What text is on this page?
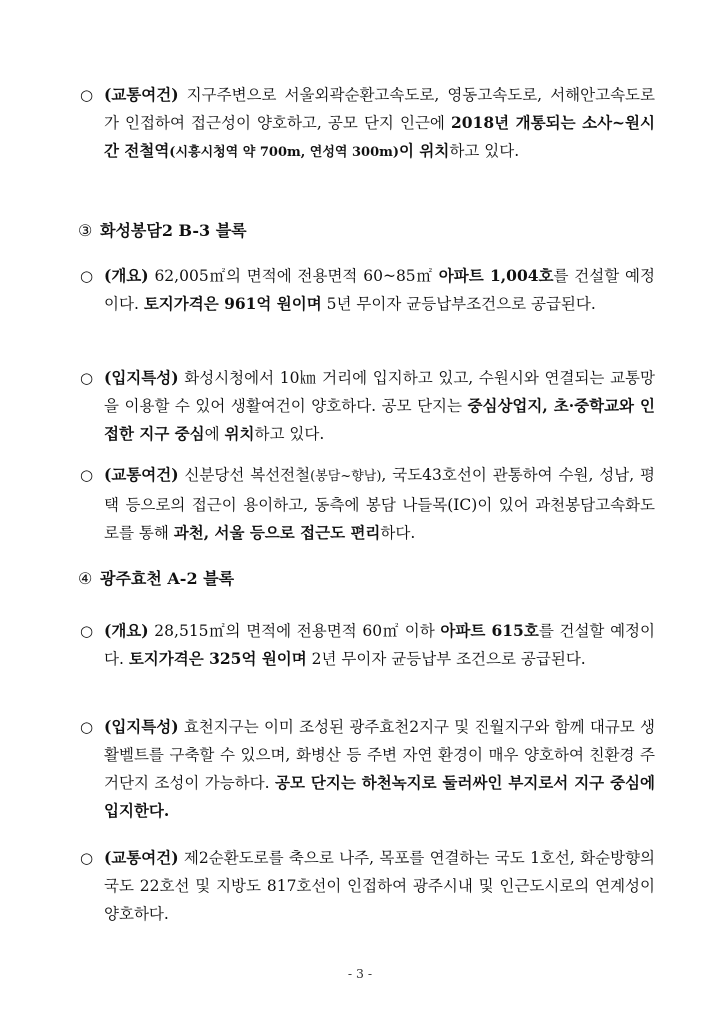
○ (교통여건) 지구주변으로 서울외곽순환고속도로, 영동고속도로, 서해안고속도로가 인접하여 접근성이 양호하고, 공모 단지 인근에 2018년 개통되는 소사~원시 간 전철역(시흥시청역 약 700m, 연성역 300m)이 위치하고 있다.
③ 화성봉담2 B-3 블록
○ (개요) 62,005㎡의 면적에 전용면적 60~85㎡ 아파트 1,004호를 건설할 예정이다. 토지가격은 961억 원이며 5년 무이자 균등납부조건으로 공급된다.
○ (입지특성) 화성시청에서 10㎞ 거리에 입지하고 있고, 수원시와 연결되는 교통망을 이용할 수 있어 생활여건이 양호하다. 공모 단지는 중심상업지, 초·중학교와 인접한 지구 중심에 위치하고 있다.
○ (교통여건) 신분당선 복선전철(봉담~향남), 국도43호선이 관통하여 수원, 성남, 평택 등으로의 접근이 용이하고, 동측에 봉담 나들목(IC)이 있어 과천봉담고속화도로를 통해 과천, 서울 등으로 접근도 편리하다.
④ 광주효천 A-2 블록
○ (개요) 28,515㎡의 면적에 전용면적 60㎡ 이하 아파트 615호를 건설할 예정이다. 토지가격은 325억 원이며 2년 무이자 균등납부 조건으로 공급된다.
○ (입지특성) 효천지구는 이미 조성된 광주효천2지구 및 진월지구와 함께 대규모 생활벨트를 구축할 수 있으며, 화병산 등 주변 자연 환경이 매우 양호하여 친환경 주거단지 조성이 가능하다. 공모 단지는 하천녹지로 둘러싸인 부지로서 지구 중심에 입지한다.
○ (교통여건) 제2순환도로를 축으로 나주, 목포를 연결하는 국도 1호선, 화순방향의 국도 22호선 및 지방도 817호선이 인접하여 광주시내 및 인근도시로의 연계성이 양호하다.
- 3 -
